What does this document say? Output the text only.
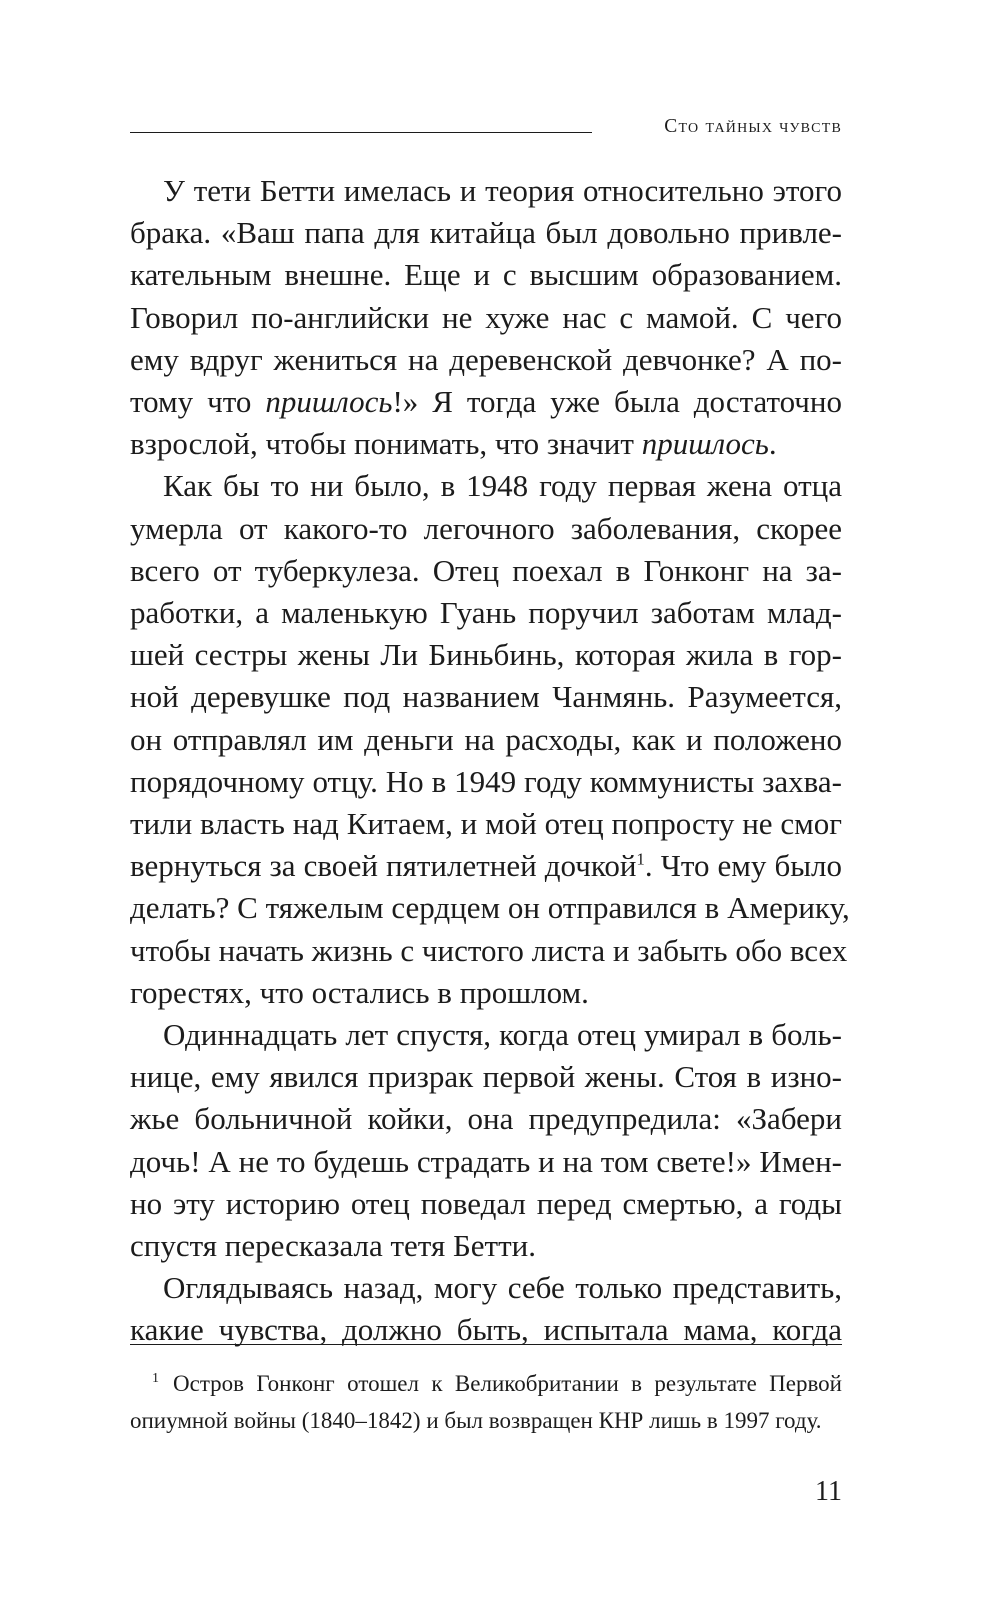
Сто тайных чувств

У тети Бетти имелась и теория относительно этого
брака. «Ваш папа для китайца был довольно привле-
кательным внешне. Еще и с высшим образованием.
Говорил по-английски не хуже нас с мамой. С чего
ему вдруг жениться на деревенской девчонке? А по-
тому что пришлось!» Я тогда уже была достаточно
взрослой, чтобы понимать, что значит пришлось.

Как бы то ни было, в 1948 году первая жена отца
умерла от какого-то легочного заболевания, скорее
всего от туберкулеза. Отец поехал в Гонконг на за-
работки, а маленькую Гуань поручил заботам млад-
шей сестры жены Ли Биньбинь, которая жила в гор-
ной деревушке под названием Чанмянь. Разумеется,
он отправлял им деньги на расходы, как и положено
порядочному отцу. Но в 1949 году коммунисты захва-
тили власть над Китаем, и мой отец попросту не смог
вернуться за своей пятилетней дочкой$^1$. Что ему было
делать? С тяжелым сердцем он отправился в Америку,
чтобы начать жизнь с чистого листа и забыть обо всех
горестях, что остались в прошлом.

Одиннадцать лет спустя, когда отец умирал в боль-
нице, ему явился призрак первой жены. Стоя в изно-
жье больничной койки, она предупредила: «Забери
дочь! А не то будешь страдать и на том свете!» Имен-
но эту историю отец поведал перед смертью, а годы
спустя пересказала тетя Бетти.

Оглядываясь назад, могу себе только представить,
какие чувства, должно быть, испытала мама, когда

$^1$ Остров Гонконг отошел к Великобритании в результате Первой
опиумной войны (1840–1842) и был возвращен КНР лишь в 1997 году.
11
